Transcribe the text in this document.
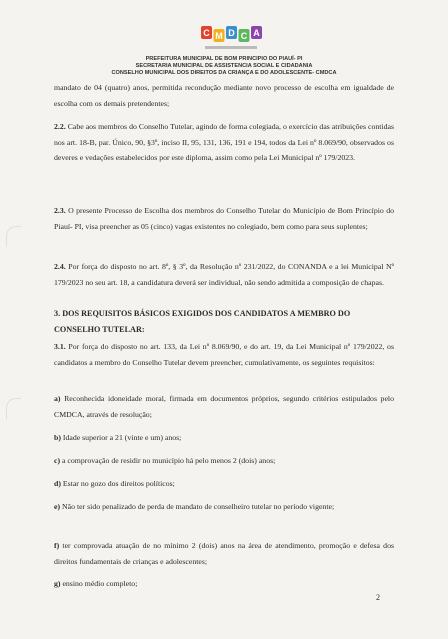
C M D C A
PREFEITURA MUNICIPAL DE BOM PRINCIPIO DO PIAUÍ- PI
SECRETARIA MUNICIPAL DE ASSISTENCIA SOCIAL E CIDADANIA
CONSELHO MUNICIPAL DOS DIREITOS DA CRIANÇA E DO ADOLESCENTE- CMDCA
mandato de 04 (quatro) anos, permitida recondução mediante novo processo de escolha em igualdade de escolha com os demais pretendentes;
2.2. Cabe aos membros do Conselho Tutelar, agindo de forma colegiada, o exercício das atribuições contidas nos art. 18-B, par. Único, 90, §3º, inciso II, 95, 131, 136, 191 e 194, todos da Lei nº 8.069/90, observados os deveres e vedações estabelecidos por este diploma, assim como pela Lei Municipal nº 179/2023.
2.3. O presente Processo de Escolha dos membros do Conselho Tutelar do Município de Bom Princípio do Piauí- PI, visa preencher as 05 (cinco) vagas existentes no colegiado, bem como para seus suplentes;
2.4. Por força do disposto no art. 8º, § 3º, da Resolução nº 231/2022, do CONANDA e a lei Municipal Nº 179/2023 no seu art. 18, a candidatura deverá ser individual, não sendo admitida a composição de chapas.
3. DOS REQUISITOS BÁSICOS EXIGIDOS DOS CANDIDATOS A MEMBRO DO CONSELHO TUTELAR:
3.1. Por força do disposto no art. 133, da Lei nº 8.069/90, e do art. 19, da Lei Municipal nº 179/2022, os candidatos a membro do Conselho Tutelar devem preencher, cumulativamente, os seguintes requisitos:
a) Reconhecida idoneidade moral, firmada em documentos próprios, segundo critérios estipulados pelo CMDCA, através de resolução;
b) Idade superior a 21 (vinte e um) anos;
c) a comprovação de residir no município há pelo menos 2 (dois) anos;
d) Estar no gozo dos direitos políticos;
e) Não ter sido penalizado de perda de mandato de conselheiro tutelar no período vigente;
f) ter comprovada atuação de no mínimo 2 (dois) anos na área de atendimento, promoção e defesa dos direitos fundamentais de crianças e adolescentes;
g) ensino médio completo;
2
